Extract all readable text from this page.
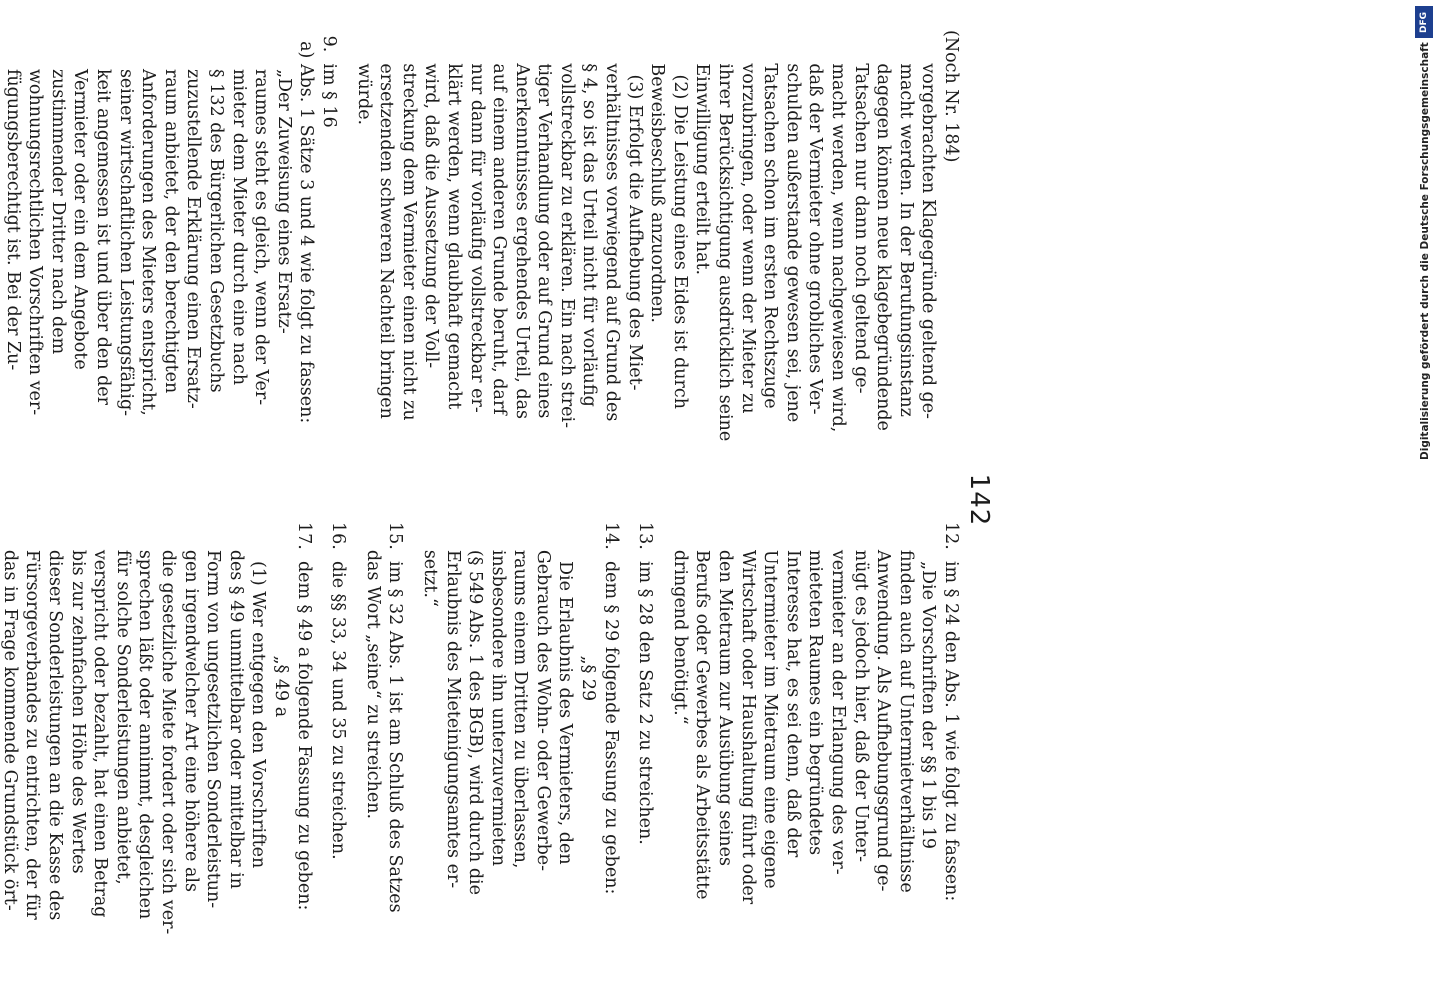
142

(Noch Nr. 184)
vorgebrachten Klagegründe geltend ge-
macht werden. In der Berufungsinstanz
dagegen können neue klagebegründende
Tatsachen nur dann noch geltend ge-
macht werden, wenn nachgewiesen wird,
daß der Vermieter ohne grobliches Ver-
schulden außerstande gewesen sei, jene
Tatsachen schon im ersten Rechtszuge
vorzubringen, oder wenn der Mieter zu
ihrer Berücksichtigung ausdrücklich seine
Einwilligung erteilt hat.
(2) Die Leistung eines Eides ist durch
Beweisbeschluß anzuordnen.
(3) Erfolgt die Aufhebung des Miet-
verhältnisses vorwiegend auf Grund des
§ 4, so ist das Urteil nicht für vorläufig
vollstreckbar zu erklären. Ein nach strei-
tiger Verhandlung oder auf Grund eines
Anerkenntnisses ergehendes Urteil, das
auf einem anderen Grunde beruht, darf
nur dann für vorläufig vollstreckbar er-
klärt werden, wenn glaubhaft gemacht
wird, daß die Aussetzung der Voll-
streckung dem Vermieter einen nicht zu
ersetzenden schweren Nachteil bringen
würde.

9.  im § 16
a) Abs. 1 Sätze 3 und 4 wie folgt zu fassen:
„Der Zuweisung eines Ersatz-
raumes steht es gleich, wenn der Ver-
mieter dem Mieter durch eine nach
§ 132 des Bürgerlichen Gesetzbuchs
zuzustellende Erklärung einen Ersatz-
raum anbietet, der den berechtigten
Anforderungen des Mieters entspricht,
seiner wirtschaftlichen Leistungsfähig-
keit angemessen ist und über den der
Vermieter oder ein dem Angebote
zustimmender Dritter nach dem
wohnungsrechtlichen Vorschriften ver-
fügungsberechtigt ist. Bei der Zu-

12.  im § 24 den Abs. 1 wie folgt zu fassen:
„Die Vorschriften der §§ 1 bis 19
finden auch auf Untermietverhältnisse
Anwendung. Als Aufhebungsgrund ge-
nügt es jedoch hier, daß der Unter-
vermieter an der Erlangung des ver-
mieteten Raumes ein begründetes
Interesse hat, es sei denn, daß der
Untermieter im Mietraum eine eigene
Wirtschaft oder Haushaltung führt oder
den Mietraum zur Ausübung seines
Berufs oder Gewerbes als Arbeitsstätte
dringend benötigt.“

13.  im § 28 den Satz 2 zu streichen.

14.  dem § 29 folgende Fassung zu geben:
„§ 29
Die Erlaubnis des Vermieters, den
Gebrauch des Wohn- oder Gewerbe-
raums einem Dritten zu überlassen,
insbesondere ihn unterzuvermieten
(§ 549 Abs. 1 des BGB), wird durch die
Erlaubnis des Mieteinigungsamtes er-
setzt.“

15.  im § 32 Abs. 1 ist am Schluß des Satzes
das Wort „seine“ zu streichen.

16.  die §§ 33, 34 und 35 zu streichen.

17.  dem § 49 a folgende Fassung zu geben:
„§ 49 a
(1) Wer entgegen den Vorschriften
des § 49 unmittelbar oder mittelbar in
Form von ungesetzlichen Sonderleistun-
gen irgendwelcher Art eine höhere als
die gesetzliche Miete fordert oder sich ver-
sprechen läßt oder annimmt, desgleichen
für solche Sonderleistungen anbietet,
verspricht oder bezahlt, hat einen Betrag
bis zur zehnfachen Höhe des Wertes
dieser Sonderleistungen an die Kasse des
Fürsorgeverbandes zu entrichten, der für
das in Frage kommende Grundstück ört-

DFG
Digitalisierung gefördert durch die Deutsche Forschungsgemeinschaft
